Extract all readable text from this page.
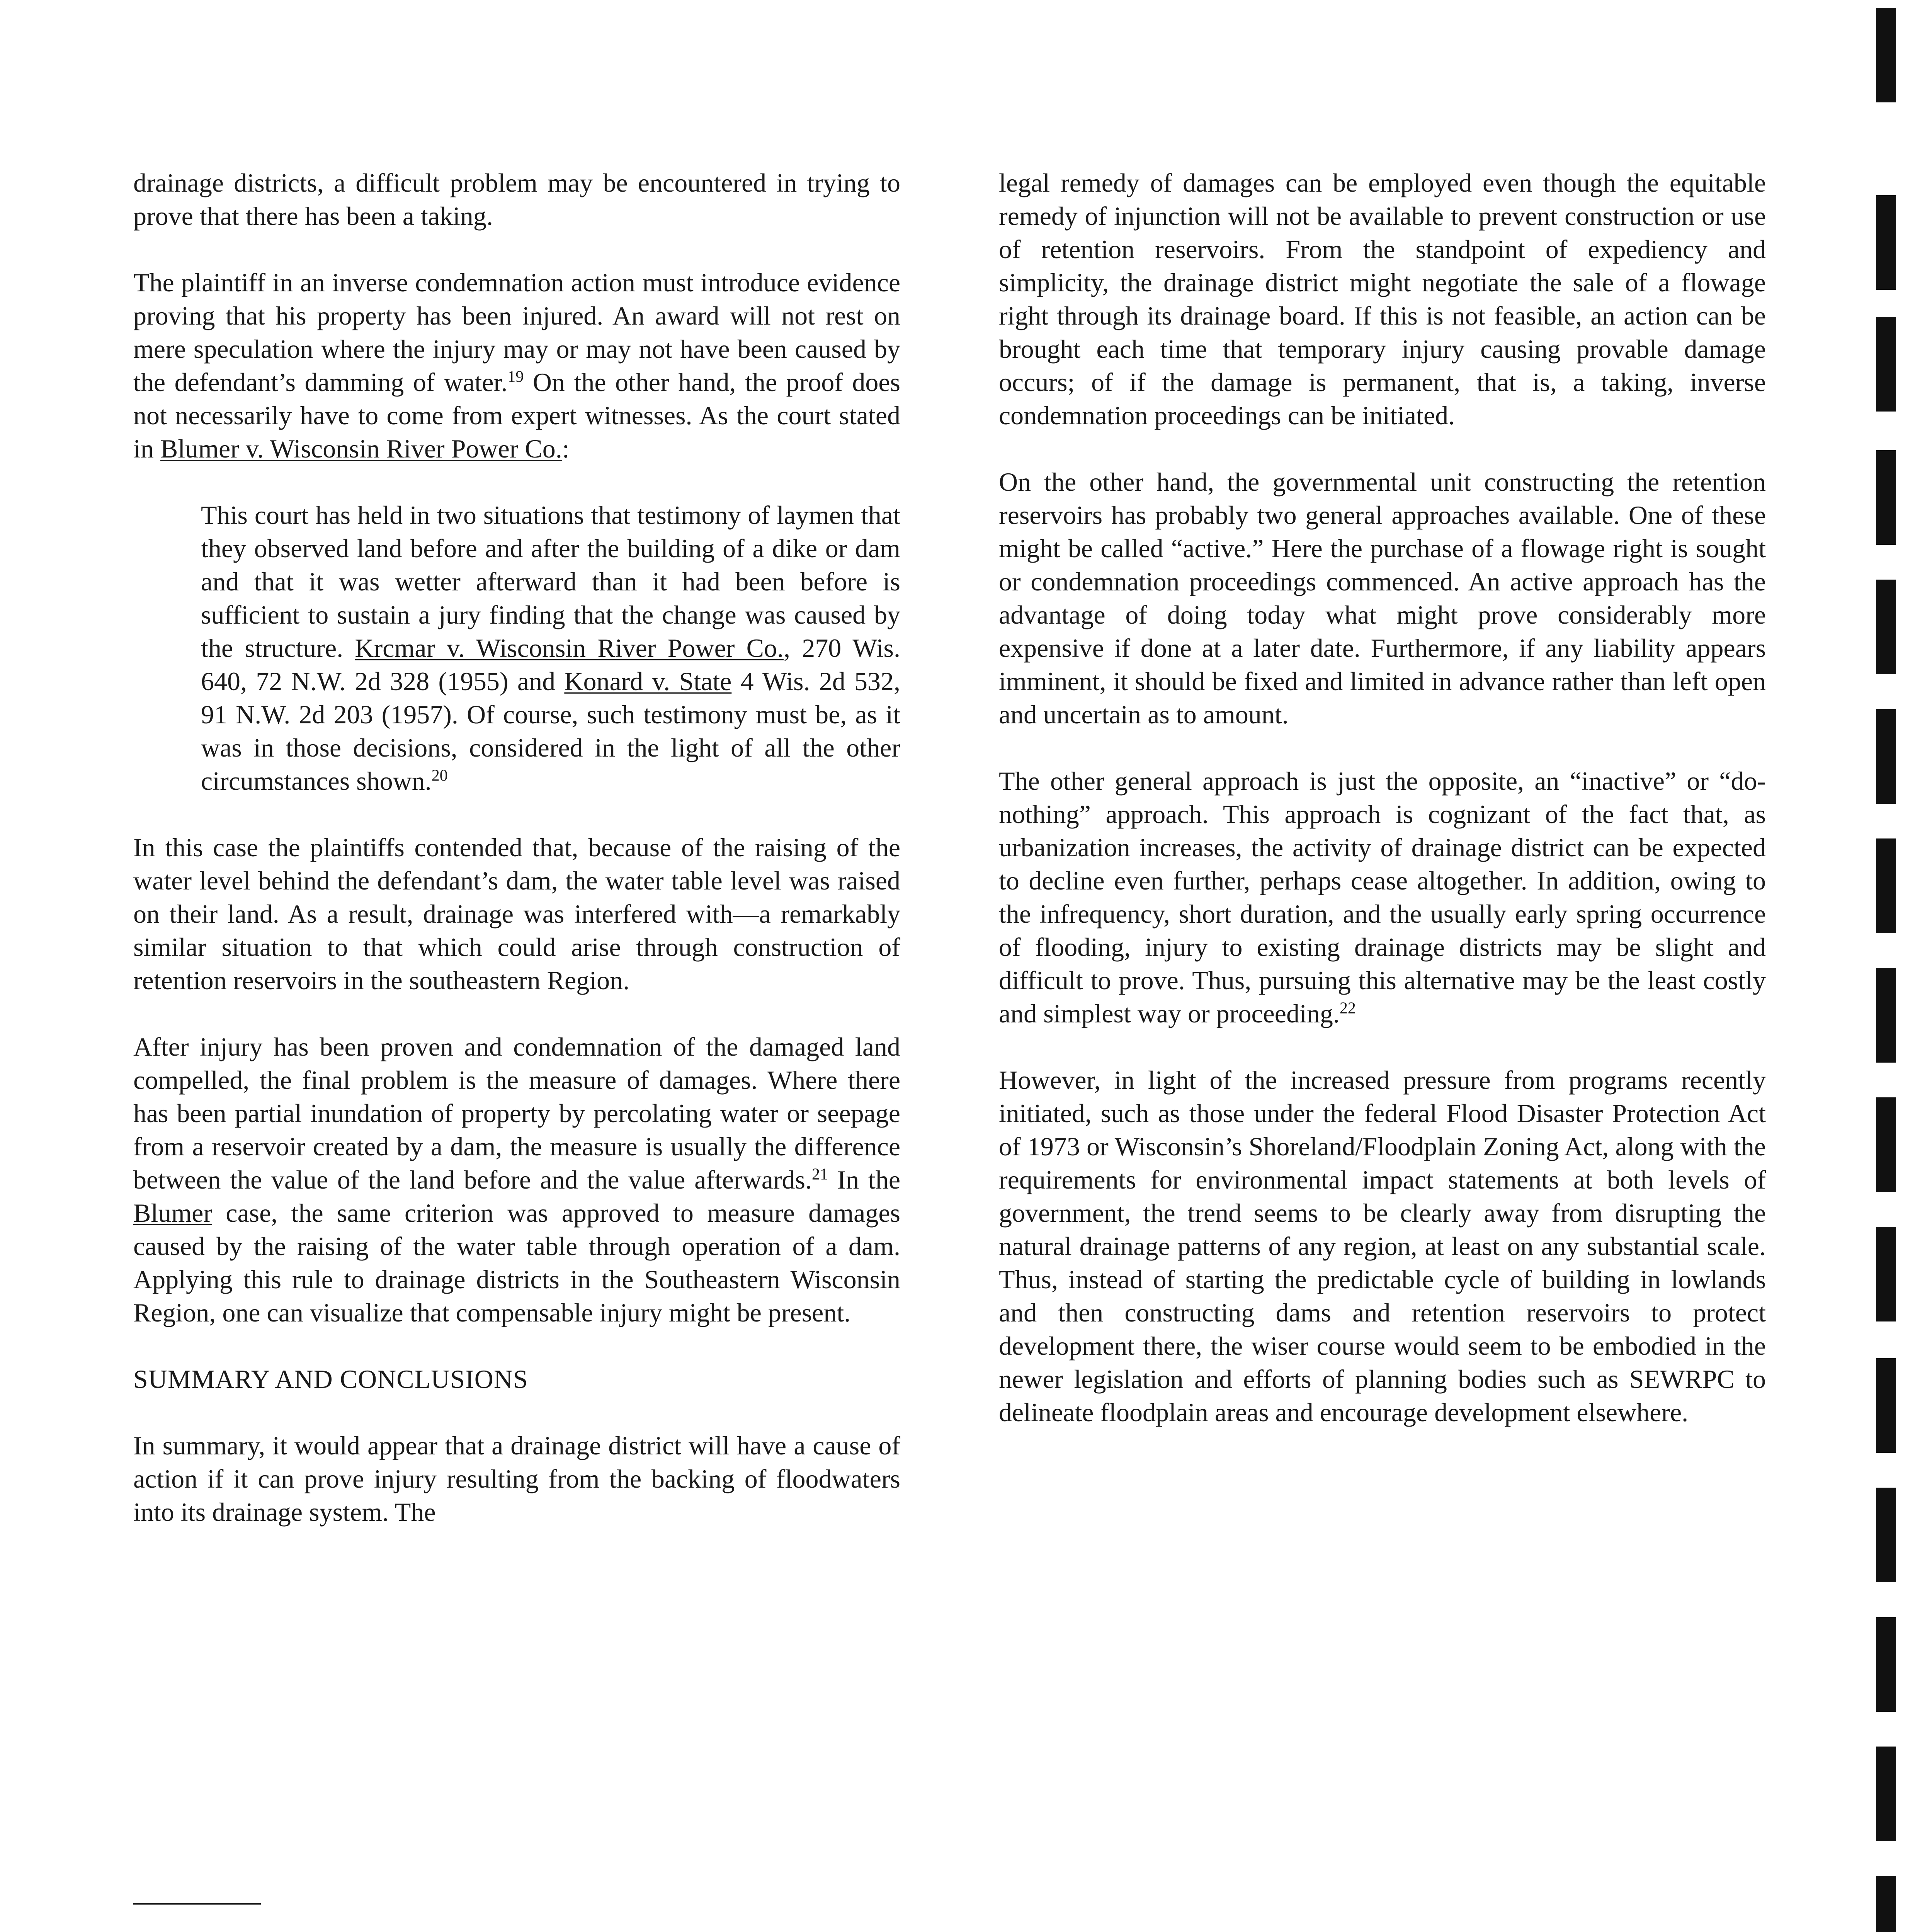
drainage districts, a difficult problem may be encountered in trying to prove that there has been a taking.

The plaintiff in an inverse condemnation action must introduce evidence proving that his property has been injured. An award will not rest on mere speculation where the injury may or may not have been caused by the defendant’s damming of water.$^{19}$ On the other hand, the proof does not necessarily have to come from expert witnesses. As the court stated in Blumer v. Wisconsin River Power Co.:

This court has held in two situations that testimony of laymen that they observed land before and after the building of a dike or dam and that it was wetter afterward than it had been before is sufficient to sustain a jury finding that the change was caused by the structure. Krcmar v. Wisconsin River Power Co., 270 Wis. 640, 72 N.W. 2d 328 (1955) and Konard v. State 4 Wis. 2d 532, 91 N.W. 2d 203 (1957). Of course, such testimony must be, as it was in those decisions, considered in the light of all the other circumstances shown.$^{20}$

In this case the plaintiffs contended that, because of the raising of the water level behind the defendant’s dam, the water table level was raised on their land. As a result, drainage was interfered with—a remarkably similar situation to that which could arise through construction of retention reservoirs in the southeastern Region.

After injury has been proven and condemnation of the damaged land compelled, the final problem is the measure of damages. Where there has been partial inundation of property by percolating water or seepage from a reservoir created by a dam, the measure is usually the difference between the value of the land before and the value afterwards.$^{21}$ In the Blumer case, the same criterion was approved to measure damages caused by the raising of the water table through operation of a dam. Applying this rule to drainage districts in the Southeastern Wisconsin Region, one can visualize that compensable injury might be present.

SUMMARY AND CONCLUSIONS

In summary, it would appear that a drainage district will have a cause of action if it can prove injury resulting from the backing of floodwaters into its drainage system. The

legal remedy of damages can be employed even though the equitable remedy of injunction will not be available to prevent construction or use of retention reservoirs. From the standpoint of expediency and simplicity, the drainage district might negotiate the sale of a flowage right through its drainage board. If this is not feasible, an action can be brought each time that temporary injury causing provable damage occurs; of if the damage is permanent, that is, a taking, inverse condemnation proceedings can be initiated.

On the other hand, the governmental unit constructing the retention reservoirs has probably two general approaches available. One of these might be called “active.” Here the purchase of a flowage right is sought or condemnation proceedings commenced. An active approach has the advantage of doing today what might prove considerably more expensive if done at a later date. Furthermore, if any liability appears imminent, it should be fixed and limited in advance rather than left open and uncertain as to amount.

The other general approach is just the opposite, an “inactive” or “do-nothing” approach. This approach is cognizant of the fact that, as urbanization increases, the activity of drainage district can be expected to decline even further, perhaps cease altogether. In addition, owing to the infrequency, short duration, and the usually early spring occurrence of flooding, injury to existing drainage districts may be slight and difficult to prove. Thus, pursuing this alternative may be the least costly and simplest way or proceeding.$^{22}$

However, in light of the increased pressure from programs recently initiated, such as those under the federal Flood Disaster Protection Act of 1973 or Wisconsin’s Shoreland/Floodplain Zoning Act, along with the requirements for environmental impact statements at both levels of government, the trend seems to be clearly away from disrupting the natural drainage patterns of any region, at least on any substantial scale. Thus, instead of starting the predictable cycle of building in lowlands and then constructing dams and retention reservoirs to protect development there, the wiser course would seem to be embodied in the newer legislation and efforts of planning bodies such as SEWRPC to delineate floodplain areas and encourage development elsewhere.
